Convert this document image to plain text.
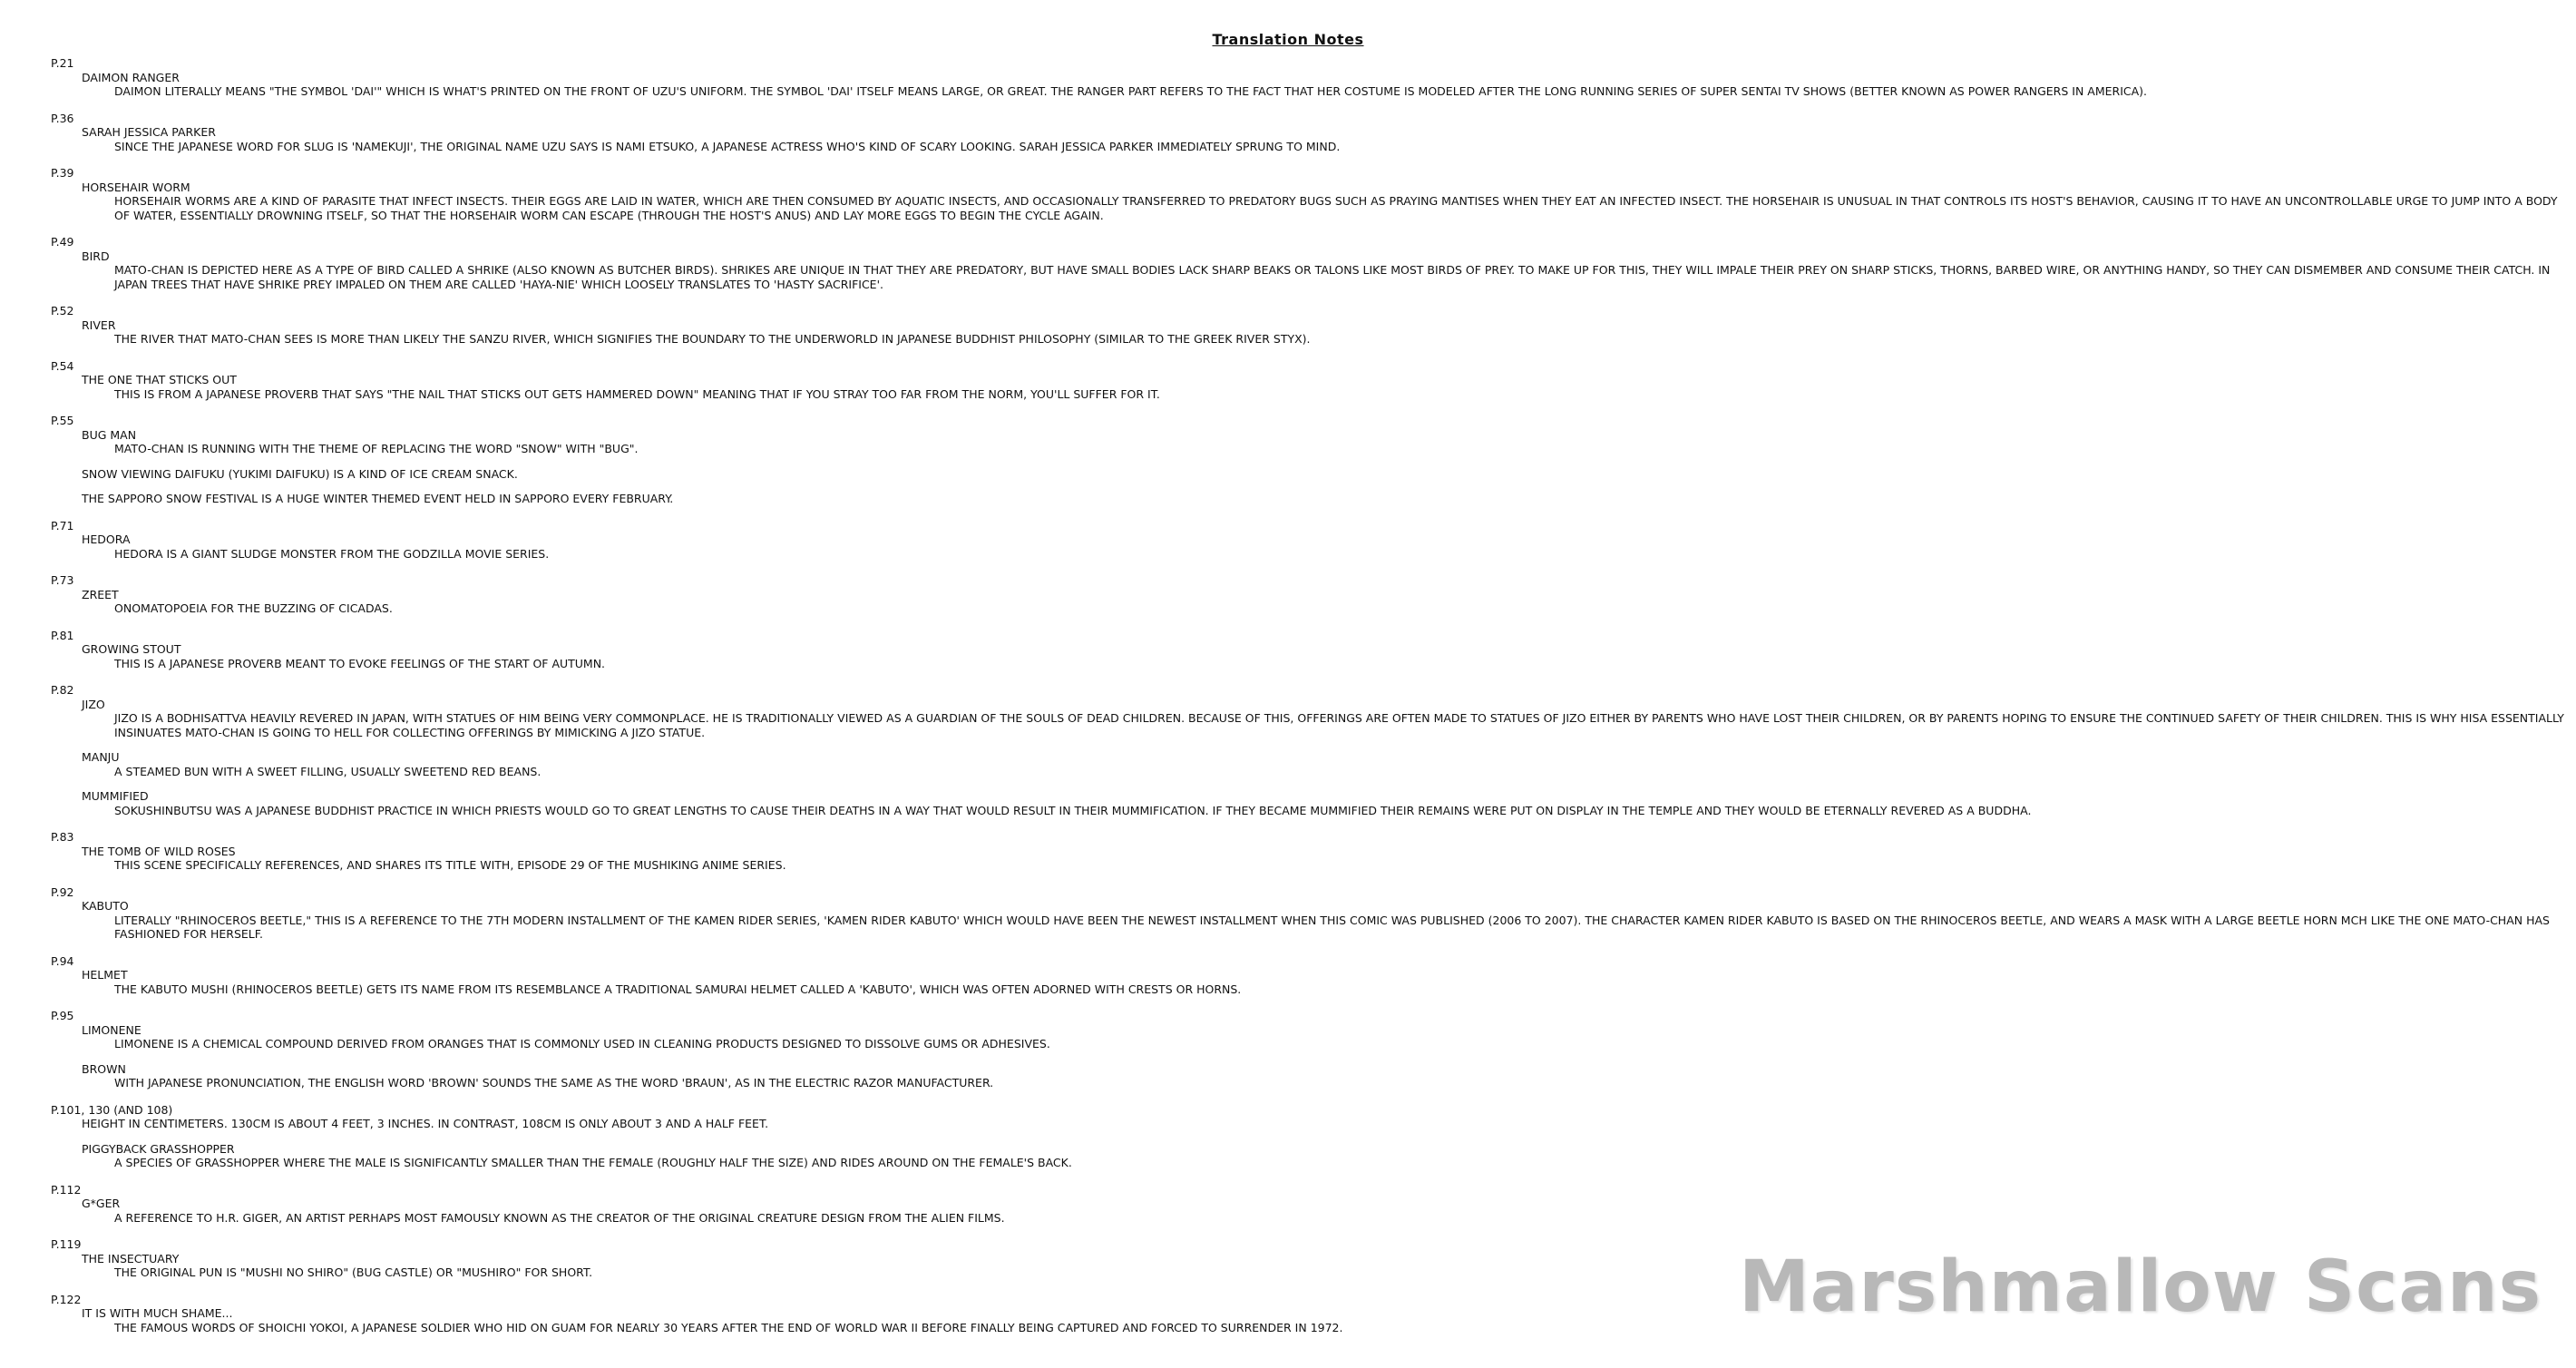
Translation Notes
P.21
DAIMON RANGER
DAIMON LITERALLY MEANS "THE SYMBOL 'DAI'" WHICH IS WHAT'S PRINTED ON THE FRONT OF UZU'S UNIFORM. THE SYMBOL 'DAI' ITSELF MEANS LARGE, OR GREAT. THE RANGER PART REFERS TO THE FACT THAT HER COSTUME IS MODELED AFTER THE LONG RUNNING SERIES OF SUPER SENTAI TV SHOWS (BETTER KNOWN AS POWER RANGERS IN AMERICA).
P.36
SARAH JESSICA PARKER
SINCE THE JAPANESE WORD FOR SLUG IS 'NAMEKUJI', THE ORIGINAL NAME UZU SAYS IS NAMI ETSUKO, A JAPANESE ACTRESS WHO'S KIND OF SCARY LOOKING. SARAH JESSICA PARKER IMMEDIATELY SPRUNG TO MIND.
P.39
HORSEHAIR WORM
HORSEHAIR WORMS ARE A KIND OF PARASITE THAT INFECT INSECTS. THEIR EGGS ARE LAID IN WATER, WHICH ARE THEN CONSUMED BY AQUATIC INSECTS, AND OCCASIONALLY TRANSFERRED TO PREDATORY BUGS SUCH AS PRAYING MANTISES WHEN THEY EAT AN INFECTED INSECT. THE HORSEHAIR IS UNUSUAL IN THAT CONTROLS ITS HOST'S BEHAVIOR, CAUSING IT TO HAVE AN UNCONTROLLABLE URGE TO JUMP INTO A BODY OF WATER, ESSENTIALLY DROWNING ITSELF, SO THAT THE HORSEHAIR WORM CAN ESCAPE (THROUGH THE HOST'S ANUS) AND LAY MORE EGGS TO BEGIN THE CYCLE AGAIN.
P.49
BIRD
MATO-CHAN IS DEPICTED HERE AS A TYPE OF BIRD CALLED A SHRIKE (ALSO KNOWN AS BUTCHER BIRDS). SHRIKES ARE UNIQUE IN THAT THEY ARE PREDATORY, BUT HAVE SMALL BODIES LACK SHARP BEAKS OR TALONS LIKE MOST BIRDS OF PREY. TO MAKE UP FOR THIS, THEY WILL IMPALE THEIR PREY ON SHARP STICKS, THORNS, BARBED WIRE, OR ANYTHING HANDY, SO THEY CAN DISMEMBER AND CONSUME THEIR CATCH. IN JAPAN TREES THAT HAVE SHRIKE PREY IMPALED ON THEM ARE CALLED 'HAYA-NIE' WHICH LOOSELY TRANSLATES TO 'HASTY SACRIFICE'.
P.52
RIVER
THE RIVER THAT MATO-CHAN SEES IS MORE THAN LIKELY THE SANZU RIVER, WHICH SIGNIFIES THE BOUNDARY TO THE UNDERWORLD IN JAPANESE BUDDHIST PHILOSOPHY (SIMILAR TO THE GREEK RIVER STYX).
P.54
THE ONE THAT STICKS OUT
THIS IS FROM A JAPANESE PROVERB THAT SAYS "THE NAIL THAT STICKS OUT GETS HAMMERED DOWN" MEANING THAT IF YOU STRAY TOO FAR FROM THE NORM, YOU'LL SUFFER FOR IT.
P.55
BUG MAN
MATO-CHAN IS RUNNING WITH THE THEME OF REPLACING THE WORD "SNOW" WITH "BUG".
SNOW VIEWING DAIFUKU (YUKIMI DAIFUKU) IS A KIND OF ICE CREAM SNACK.
THE SAPPORO SNOW FESTIVAL IS A HUGE WINTER THEMED EVENT HELD IN SAPPORO EVERY FEBRUARY.
P.71
HEDORA
HEDORA IS A GIANT SLUDGE MONSTER FROM THE GODZILLA MOVIE SERIES.
P.73
ZREET
ONOMATOPOEIA FOR THE BUZZING OF CICADAS.
P.81
GROWING STOUT
THIS IS A JAPANESE PROVERB MEANT TO EVOKE FEELINGS OF THE START OF AUTUMN.
P.82
JIZO
JIZO IS A BODHISATTVA HEAVILY REVERED IN JAPAN, WITH STATUES OF HIM BEING VERY COMMONPLACE. HE IS TRADITIONALLY VIEWED AS A GUARDIAN OF THE SOULS OF DEAD CHILDREN. BECAUSE OF THIS, OFFERINGS ARE OFTEN MADE TO STATUES OF JIZO EITHER BY PARENTS WHO HAVE LOST THEIR CHILDREN, OR BY PARENTS HOPING TO ENSURE THE CONTINUED SAFETY OF THEIR CHILDREN. THIS IS WHY HISA ESSENTIALLY INSINUATES MATO-CHAN IS GOING TO HELL FOR COLLECTING OFFERINGS BY MIMICKING A JIZO STATUE.
MANJU
A STEAMED BUN WITH A SWEET FILLING, USUALLY SWEETEND RED BEANS.
MUMMIFIED
SOKUSHINBUTSU WAS A JAPANESE BUDDHIST PRACTICE IN WHICH PRIESTS WOULD GO TO GREAT LENGTHS TO CAUSE THEIR DEATHS IN A WAY THAT WOULD RESULT IN THEIR MUMMIFICATION. IF THEY BECAME MUMMIFIED THEIR REMAINS WERE PUT ON DISPLAY IN THE TEMPLE AND THEY WOULD BE ETERNALLY REVERED AS A BUDDHA.
P.83
THE TOMB OF WILD ROSES
THIS SCENE SPECIFICALLY REFERENCES, AND SHARES ITS TITLE WITH, EPISODE 29 OF THE MUSHIKING ANIME SERIES.
P.92
KABUTO
LITERALLY "RHINOCEROS BEETLE," THIS IS A REFERENCE TO THE 7TH MODERN INSTALLMENT OF THE KAMEN RIDER SERIES, 'KAMEN RIDER KABUTO' WHICH WOULD HAVE BEEN THE NEWEST INSTALLMENT WHEN THIS COMIC WAS PUBLISHED (2006 TO 2007). THE CHARACTER KAMEN RIDER KABUTO IS BASED ON THE RHINOCEROS BEETLE, AND WEARS A MASK WITH A LARGE BEETLE HORN MCH LIKE THE ONE MATO-CHAN HAS FASHIONED FOR HERSELF.
P.94
HELMET
THE KABUTO MUSHI (RHINOCEROS BEETLE) GETS ITS NAME FROM ITS RESEMBLANCE A TRADITIONAL SAMURAI HELMET CALLED A 'KABUTO', WHICH WAS OFTEN ADORNED WITH CRESTS OR HORNS.
P.95
LIMONENE
LIMONENE IS A CHEMICAL COMPOUND DERIVED FROM ORANGES THAT IS COMMONLY USED IN CLEANING PRODUCTS DESIGNED TO DISSOLVE GUMS OR ADHESIVES.
BROWN
WITH JAPANESE PRONUNCIATION, THE ENGLISH WORD 'BROWN' SOUNDS THE SAME AS THE WORD 'BRAUN', AS IN THE ELECTRIC RAZOR MANUFACTURER.
P.101, 130 (AND 108)
HEIGHT IN CENTIMETERS. 130CM IS ABOUT 4 FEET, 3 INCHES. IN CONTRAST, 108CM IS ONLY ABOUT 3 AND A HALF FEET.
PIGGYBACK GRASSHOPPER
A SPECIES OF GRASSHOPPER WHERE THE MALE IS SIGNIFICANTLY SMALLER THAN THE FEMALE (ROUGHLY HALF THE SIZE) AND RIDES AROUND ON THE FEMALE'S BACK.
P.112
G*GER
A REFERENCE TO H.R. GIGER, AN ARTIST PERHAPS MOST FAMOUSLY KNOWN AS THE CREATOR OF THE ORIGINAL CREATURE DESIGN FROM THE ALIEN FILMS.
P.119
THE INSECTUARY
THE ORIGINAL PUN IS "MUSHI NO SHIRO" (BUG CASTLE) OR "MUSHIRO" FOR SHORT.
P.122
IT IS WITH MUCH SHAME...
THE FAMOUS WORDS OF SHOICHI YOKOI, A JAPANESE SOLDIER WHO HID ON GUAM FOR NEARLY 30 YEARS AFTER THE END OF WORLD WAR II BEFORE FINALLY BEING CAPTURED AND FORCED TO SURRENDER IN 1972.	Marshmallow Scans
